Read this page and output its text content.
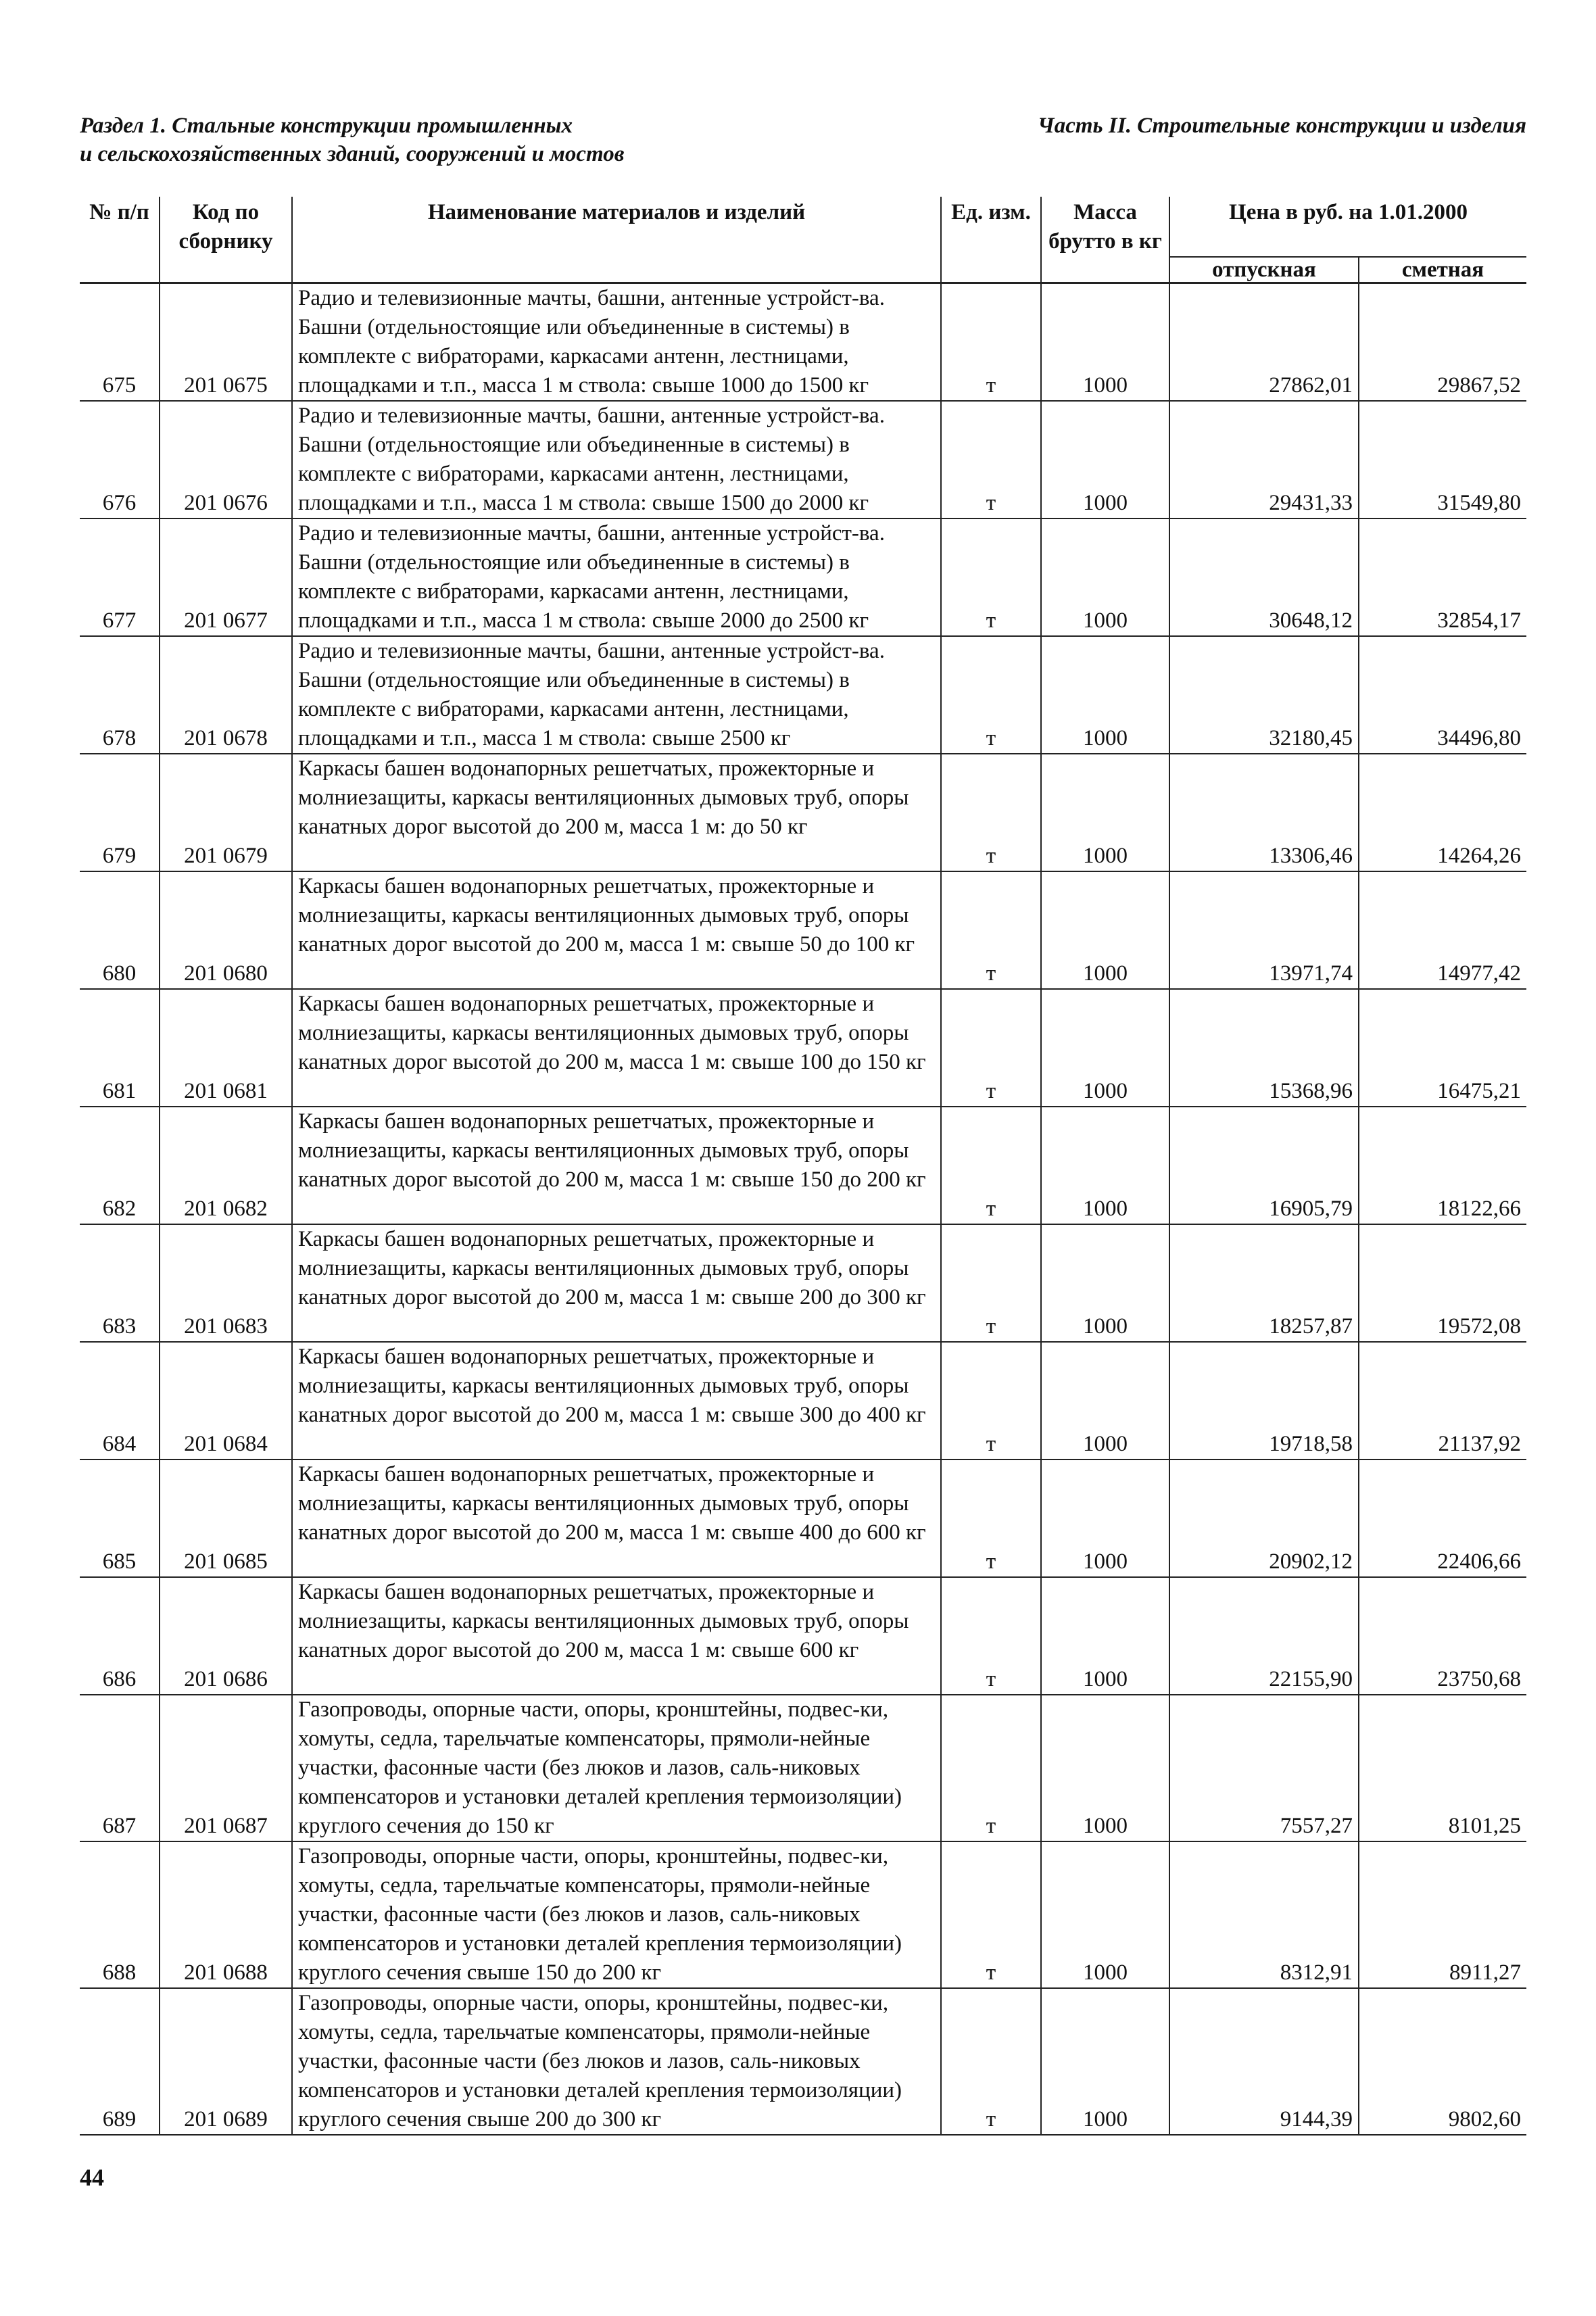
Раздел 1. Стальные конструкции промышленных
и сельскохозяйственных зданий, сооружений и мостов
Часть II. Строительные конструкции и изделия
№ п/п	Код по сборнику	Наименование материалов и изделий	Ед. изм.	Масса брутто в кг	Цена в руб. на 1.01.2000	
					отпускная	сметная
675	201 0675	Радио и телевизионные мачты, башни, антенные устройст-ва. Башни (отдельностоящие или объединенные в системы) в комплекте с вибраторами, каркасами антенн, лестницами, площадками и т.п., масса 1 м ствола: свыше 1000 до 1500 кг	т	1000	27862,01	29867,52
676	201 0676	Радио и телевизионные мачты, башни, антенные устройст-ва. Башни (отдельностоящие или объединенные в системы) в комплекте с вибраторами, каркасами антенн, лестницами, площадками и т.п., масса 1 м ствола: свыше 1500 до 2000 кг	т	1000	29431,33	31549,80
677	201 0677	Радио и телевизионные мачты, башни, антенные устройст-ва. Башни (отдельностоящие или объединенные в системы) в комплекте с вибраторами, каркасами антенн, лестницами, площадками и т.п., масса 1 м ствола: свыше 2000 до 2500 кг	т	1000	30648,12	32854,17
678	201 0678	Радио и телевизионные мачты, башни, антенные устройст-ва. Башни (отдельностоящие или объединенные в системы) в комплекте с вибраторами, каркасами антенн, лестницами, площадками и т.п., масса 1 м ствола: свыше 2500 кг	т	1000	32180,45	34496,80
679	201 0679	Каркасы башен водонапорных решетчатых, прожекторные и молниезащиты, каркасы вентиляционных дымовых труб, опоры канатных дорог высотой до 200 м, масса 1 м: до 50 кг	т	1000	13306,46	14264,26
680	201 0680	Каркасы башен водонапорных решетчатых, прожекторные и молниезащиты, каркасы вентиляционных дымовых труб, опоры канатных дорог высотой до 200 м, масса 1 м: свыше 50 до 100 кг	т	1000	13971,74	14977,42
681	201 0681	Каркасы башен водонапорных решетчатых, прожекторные и молниезащиты, каркасы вентиляционных дымовых труб, опоры канатных дорог высотой до 200 м, масса 1 м: свыше 100 до 150 кг	т	1000	15368,96	16475,21
682	201 0682	Каркасы башен водонапорных решетчатых, прожекторные и молниезащиты, каркасы вентиляционных дымовых труб, опоры канатных дорог высотой до 200 м, масса 1 м: свыше 150 до 200 кг	т	1000	16905,79	18122,66
683	201 0683	Каркасы башен водонапорных решетчатых, прожекторные и молниезащиты, каркасы вентиляционных дымовых труб, опоры канатных дорог высотой до 200 м, масса 1 м: свыше 200 до 300 кг	т	1000	18257,87	19572,08
684	201 0684	Каркасы башен водонапорных решетчатых, прожекторные и молниезащиты, каркасы вентиляционных дымовых труб, опоры канатных дорог высотой до 200 м, масса 1 м: свыше 300 до 400 кг	т	1000	19718,58	21137,92
685	201 0685	Каркасы башен водонапорных решетчатых, прожекторные и молниезащиты, каркасы вентиляционных дымовых труб, опоры канатных дорог высотой до 200 м, масса 1 м: свыше 400 до 600 кг	т	1000	20902,12	22406,66
686	201 0686	Каркасы башен водонапорных решетчатых, прожекторные и молниезащиты, каркасы вентиляционных дымовых труб, опоры канатных дорог высотой до 200 м, масса 1 м: свыше 600 кг	т	1000	22155,90	23750,68
687	201 0687	Газопроводы, опорные части, опоры, кронштейны, подвес-ки, хомуты, седла, тарельчатые компенсаторы, прямоли-нейные участки, фасонные части (без люков и лазов, саль-никовых компенсаторов и установки деталей крепления термоизоляции) круглого сечения до 150 кг	т	1000	7557,27	8101,25
688	201 0688	Газопроводы, опорные части, опоры, кронштейны, подвес-ки, хомуты, седла, тарельчатые компенсаторы, прямоли-нейные участки, фасонные части (без люков и лазов, саль-никовых компенсаторов и установки деталей крепления термоизоляции) круглого сечения свыше 150 до 200 кг	т	1000	8312,91	8911,27
689	201 0689	Газопроводы, опорные части, опоры, кронштейны, подвес-ки, хомуты, седла, тарельчатые компенсаторы, прямоли-нейные участки, фасонные части (без люков и лазов, саль-никовых компенсаторов и установки деталей крепления термоизоляции) круглого сечения свыше 200 до 300 кг	т	1000	9144,39	9802,60
44
